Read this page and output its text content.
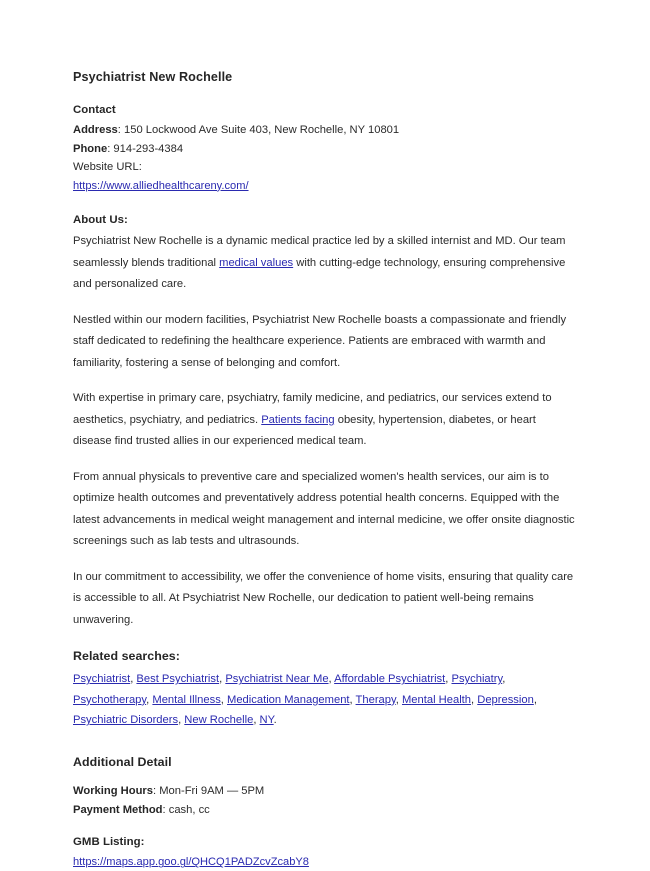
Psychiatrist New Rochelle
Contact
Address: 150 Lockwood Ave Suite 403, New Rochelle, NY 10801
Phone: 914-293-4384
Website URL:
https://www.alliedhealthcareny.com/
About Us:

Psychiatrist New Rochelle is a dynamic medical practice led by a skilled internist and MD. Our team seamlessly blends traditional medical values with cutting-edge technology, ensuring comprehensive and personalized care.

Nestled within our modern facilities, Psychiatrist New Rochelle boasts a compassionate and friendly staff dedicated to redefining the healthcare experience. Patients are embraced with warmth and familiarity, fostering a sense of belonging and comfort.

With expertise in primary care, psychiatry, family medicine, and pediatrics, our services extend to aesthetics, psychiatry, and pediatrics. Patients facing obesity, hypertension, diabetes, or heart disease find trusted allies in our experienced medical team.

From annual physicals to preventive care and specialized women's health services, our aim is to optimize health outcomes and preventatively address potential health concerns. Equipped with the latest advancements in medical weight management and internal medicine, we offer onsite diagnostic screenings such as lab tests and ultrasounds.

In our commitment to accessibility, we offer the convenience of home visits, ensuring that quality care is accessible to all. At Psychiatrist New Rochelle, our dedication to patient well-being remains unwavering.

Related searches:
Psychiatrist, Best Psychiatrist, Psychiatrist Near Me, Affordable Psychiatrist, Psychiatry, Psychotherapy, Mental Illness, Medication Management, Therapy, Mental Health, Depression, Psychiatric Disorders, New Rochelle, NY.
Additional Detail
Working Hours: Mon-Fri 9AM — 5PM
Payment Method: cash, cc
GMB Listing:
https://maps.app.goo.gl/QHCQ1PADZcvZcabY8
